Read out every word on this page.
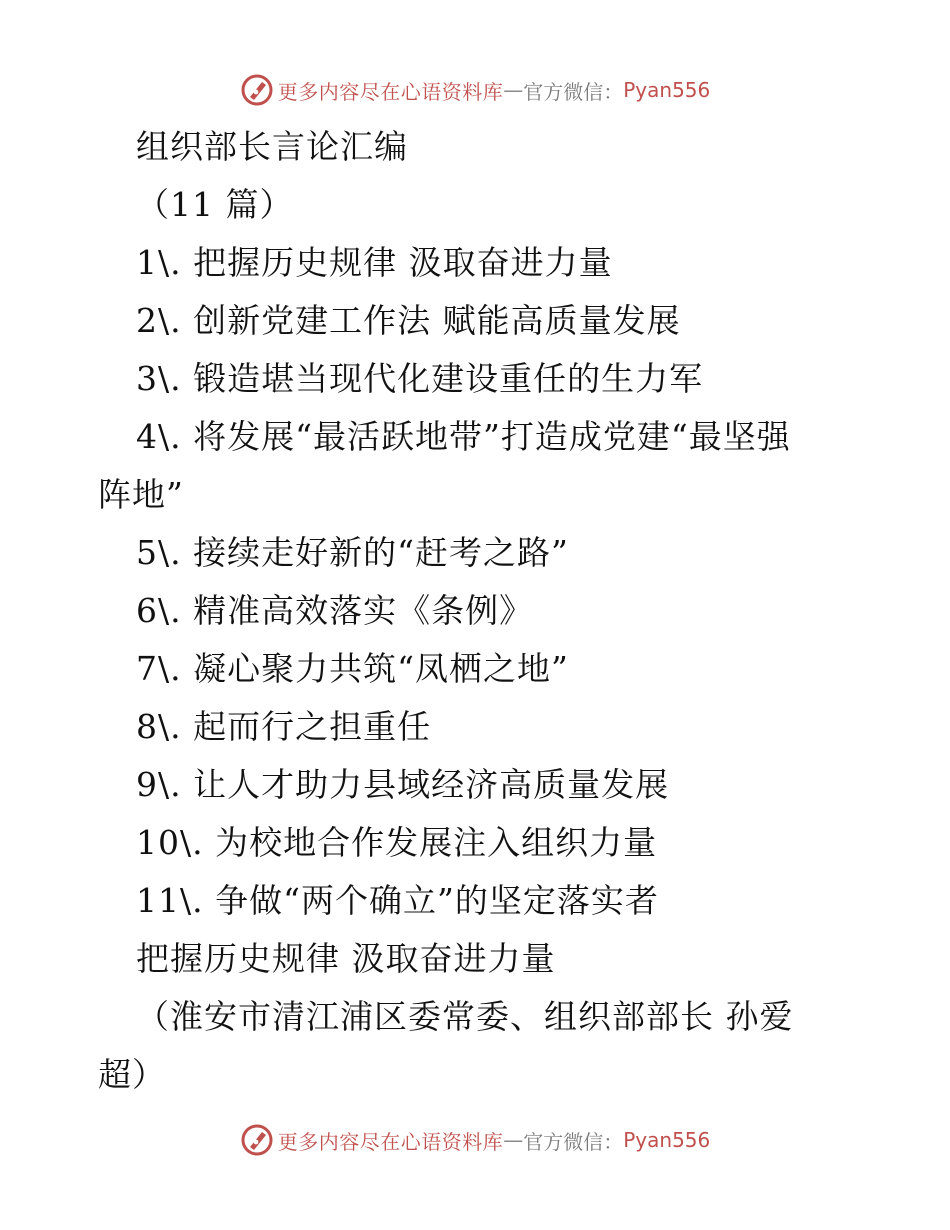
更多内容尽在心语资料库 — 官方微信： Pyan556
组织部长言论汇编
（11 篇）
1\. 把握历史规律 汲取奋进力量
2\. 创新党建工作法 赋能高质量发展
3\. 锻造堪当现代化建设重任的生力军
4\. 将发展“最活跃地带”打造成党建“最坚强
阵地”
5\. 接续走好新的“赶考之路”
6\. 精准高效落实《条例》
7\. 凝心聚力共筑“凤栖之地”
8\. 起而行之担重任
9\. 让人才助力县域经济高质量发展
10\. 为校地合作发展注入组织力量
11\. 争做“两个确立”的坚定落实者
把握历史规律 汲取奋进力量
（淮安市清江浦区委常委、组织部部长 孙爱
超）
更多内容尽在心语资料库 — 官方微信： Pyan556
